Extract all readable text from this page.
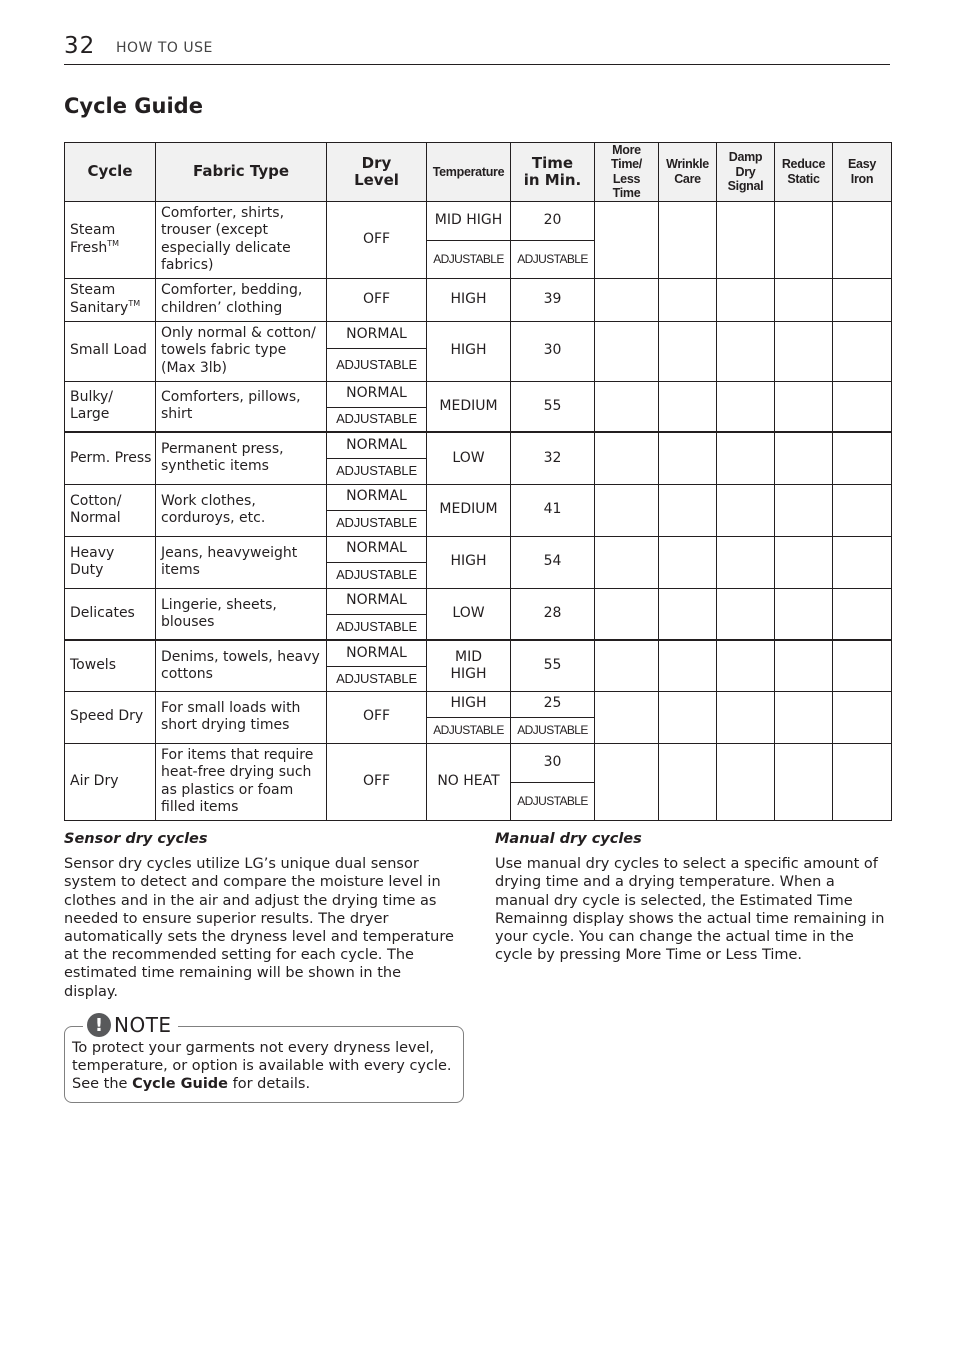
32 HOW TO USE
Cycle Guide
Cycle	Fabric Type	Dry Level	Temperature	Time in Min.	More Time/ Less Time	Wrinkle Care	Damp Dry Signal	Reduce Static	Easy Iron
Steam Fresh™	Comforter, shirts, trouser (except especially delicate fabrics)	OFF	MID HIGH	20					
			ADJUSTABLE	ADJUSTABLE					
Steam Sanitary™	Comforter, bedding, children’ clothing	OFF	HIGH	39					
Small Load	Only normal & cotton/ towels fabric type (Max 3lb)	NORMAL	HIGH	30					
		ADJUSTABLE							
Bulky/ Large	Comforters, pillows, shirt	NORMAL	MEDIUM	55					
		ADJUSTABLE							
Perm. Press	Permanent press, synthetic items	NORMAL	LOW	32					
		ADJUSTABLE							
Cotton/ Normal	Work clothes, corduroys, etc.	NORMAL	MEDIUM	41					
		ADJUSTABLE							
Heavy Duty	Jeans, heavyweight items	NORMAL	HIGH	54					
		ADJUSTABLE							
Delicates	Lingerie, sheets, blouses	NORMAL	LOW	28					
		ADJUSTABLE							
Towels	Denims, towels, heavy cottons	NORMAL	MID HIGH	55					
		ADJUSTABLE							
Speed Dry	For small loads with short drying times	OFF	HIGH	25					
			ADJUSTABLE	ADJUSTABLE					
Air Dry	For items that require heat-free drying such as plastics or foam filled items	OFF	NO HEAT	30					
				ADJUSTABLE					

Sensor dry cycles

Sensor dry cycles utilize LG’s unique dual sensor system to detect and compare the moisture level in clothes and in the air and adjust the drying time as needed to ensure superior results. The dryer automatically sets the dryness level and temperature at the recommended setting for each cycle. The estimated time remaining will be shown in the display.

Manual dry cycles

Use manual dry cycles to select a specific amount of drying time and a drying temperature. When a manual dry cycle is selected, the Estimated Time Remainng display shows the actual time remaining in your cycle. You can change the actual time in the cycle by pressing More Time or Less Time.

! NOTE

To protect your garments not every dryness level, temperature, or option is available with every cycle. See the Cycle Guide for details.
